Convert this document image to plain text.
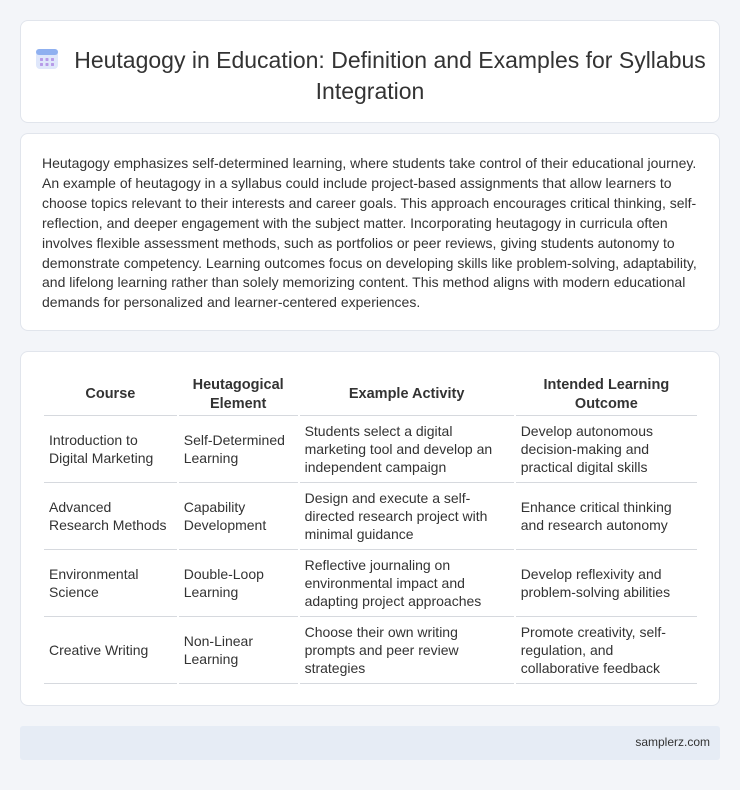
Heutagogy in Education: Definition and Examples for Syllabus Integration

Heutagogy emphasizes self-determined learning, where students take control of their educational journey. An example of heutagogy in a syllabus could include project-based assignments that allow learners to choose topics relevant to their interests and career goals. This approach encourages critical thinking, self-reflection, and deeper engagement with the subject matter. Incorporating heutagogy in curricula often involves flexible assessment methods, such as portfolios or peer reviews, giving students autonomy to demonstrate competency. Learning outcomes focus on developing skills like problem-solving, adaptability, and lifelong learning rather than solely memorizing content. This method aligns with modern educational demands for personalized and learner-centered experiences.

Course	Heutagogical Element	Example Activity	Intended Learning Outcome
Introduction to Digital Marketing	Self-Determined Learning	Students select a digital marketing tool and develop an independent campaign	Develop autonomous decision-making and practical digital skills
Advanced Research Methods	Capability Development	Design and execute a self-directed research project with minimal guidance	Enhance critical thinking and research autonomy
Environmental Science	Double-Loop Learning	Reflective journaling on environmental impact and adapting project approaches	Develop reflexivity and problem-solving abilities
Creative Writing	Non-Linear Learning	Choose their own writing prompts and peer review strategies	Promote creativity, self-regulation, and collaborative feedback
samplerz.com
